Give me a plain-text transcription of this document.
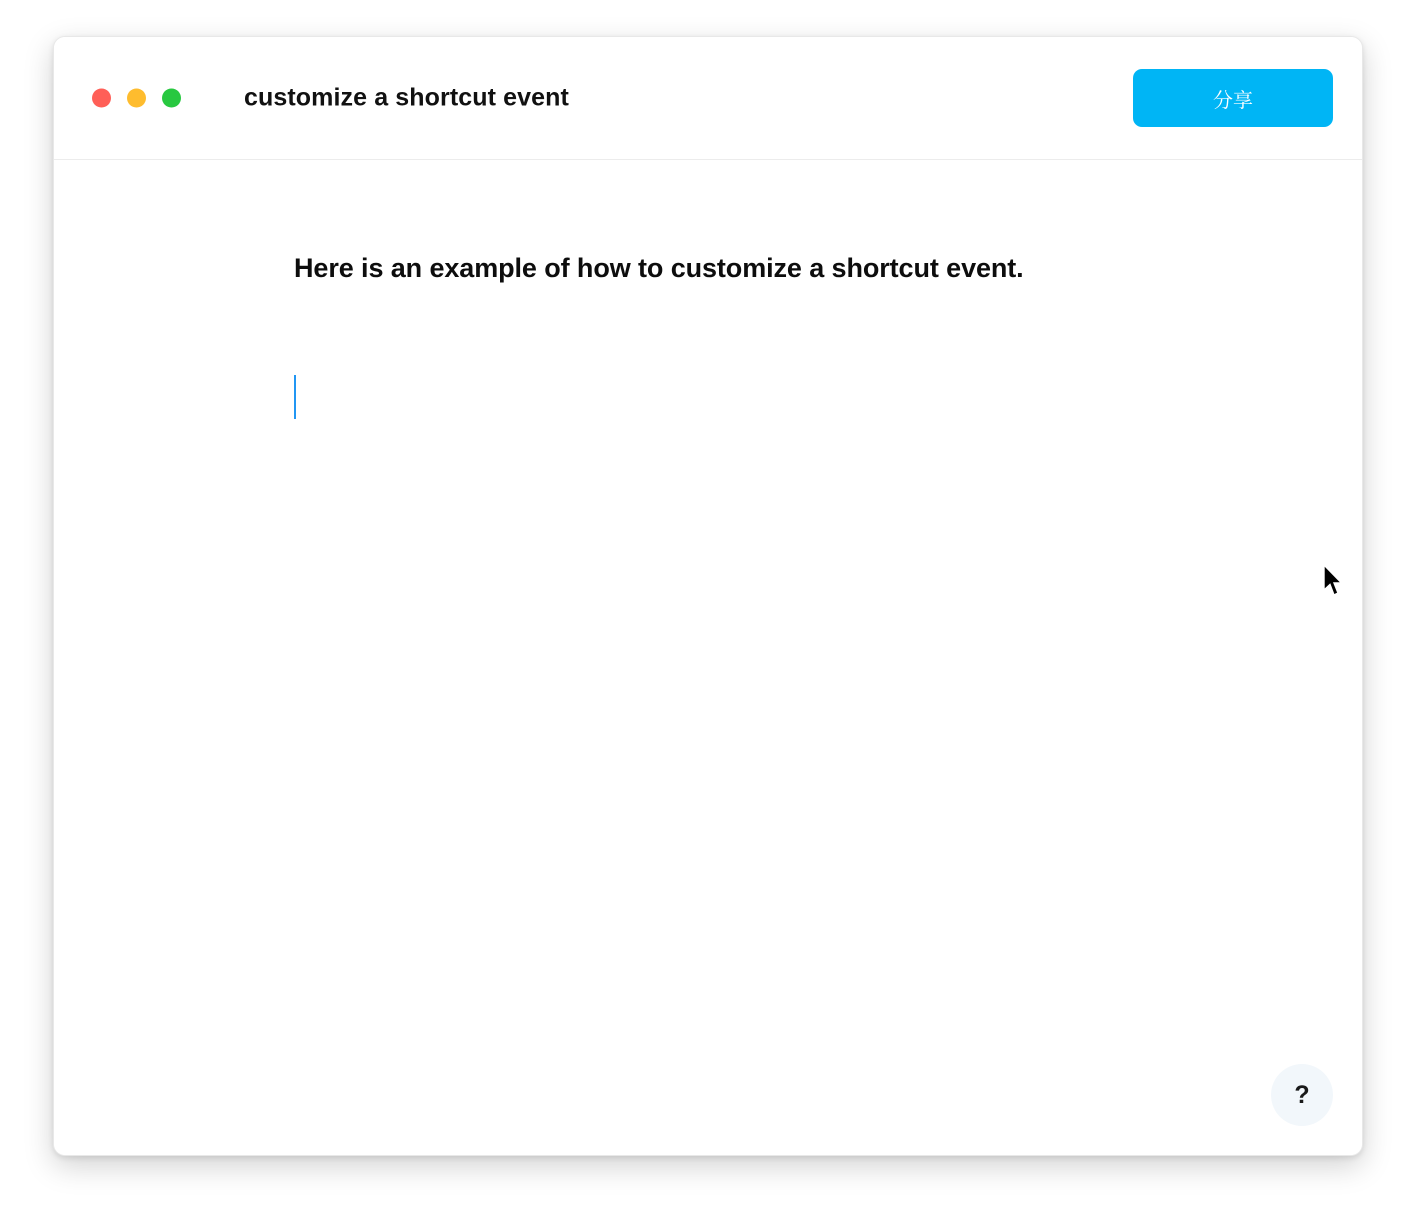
customize a shortcut event	分享
Here is an example of how to customize a shortcut event.
?
